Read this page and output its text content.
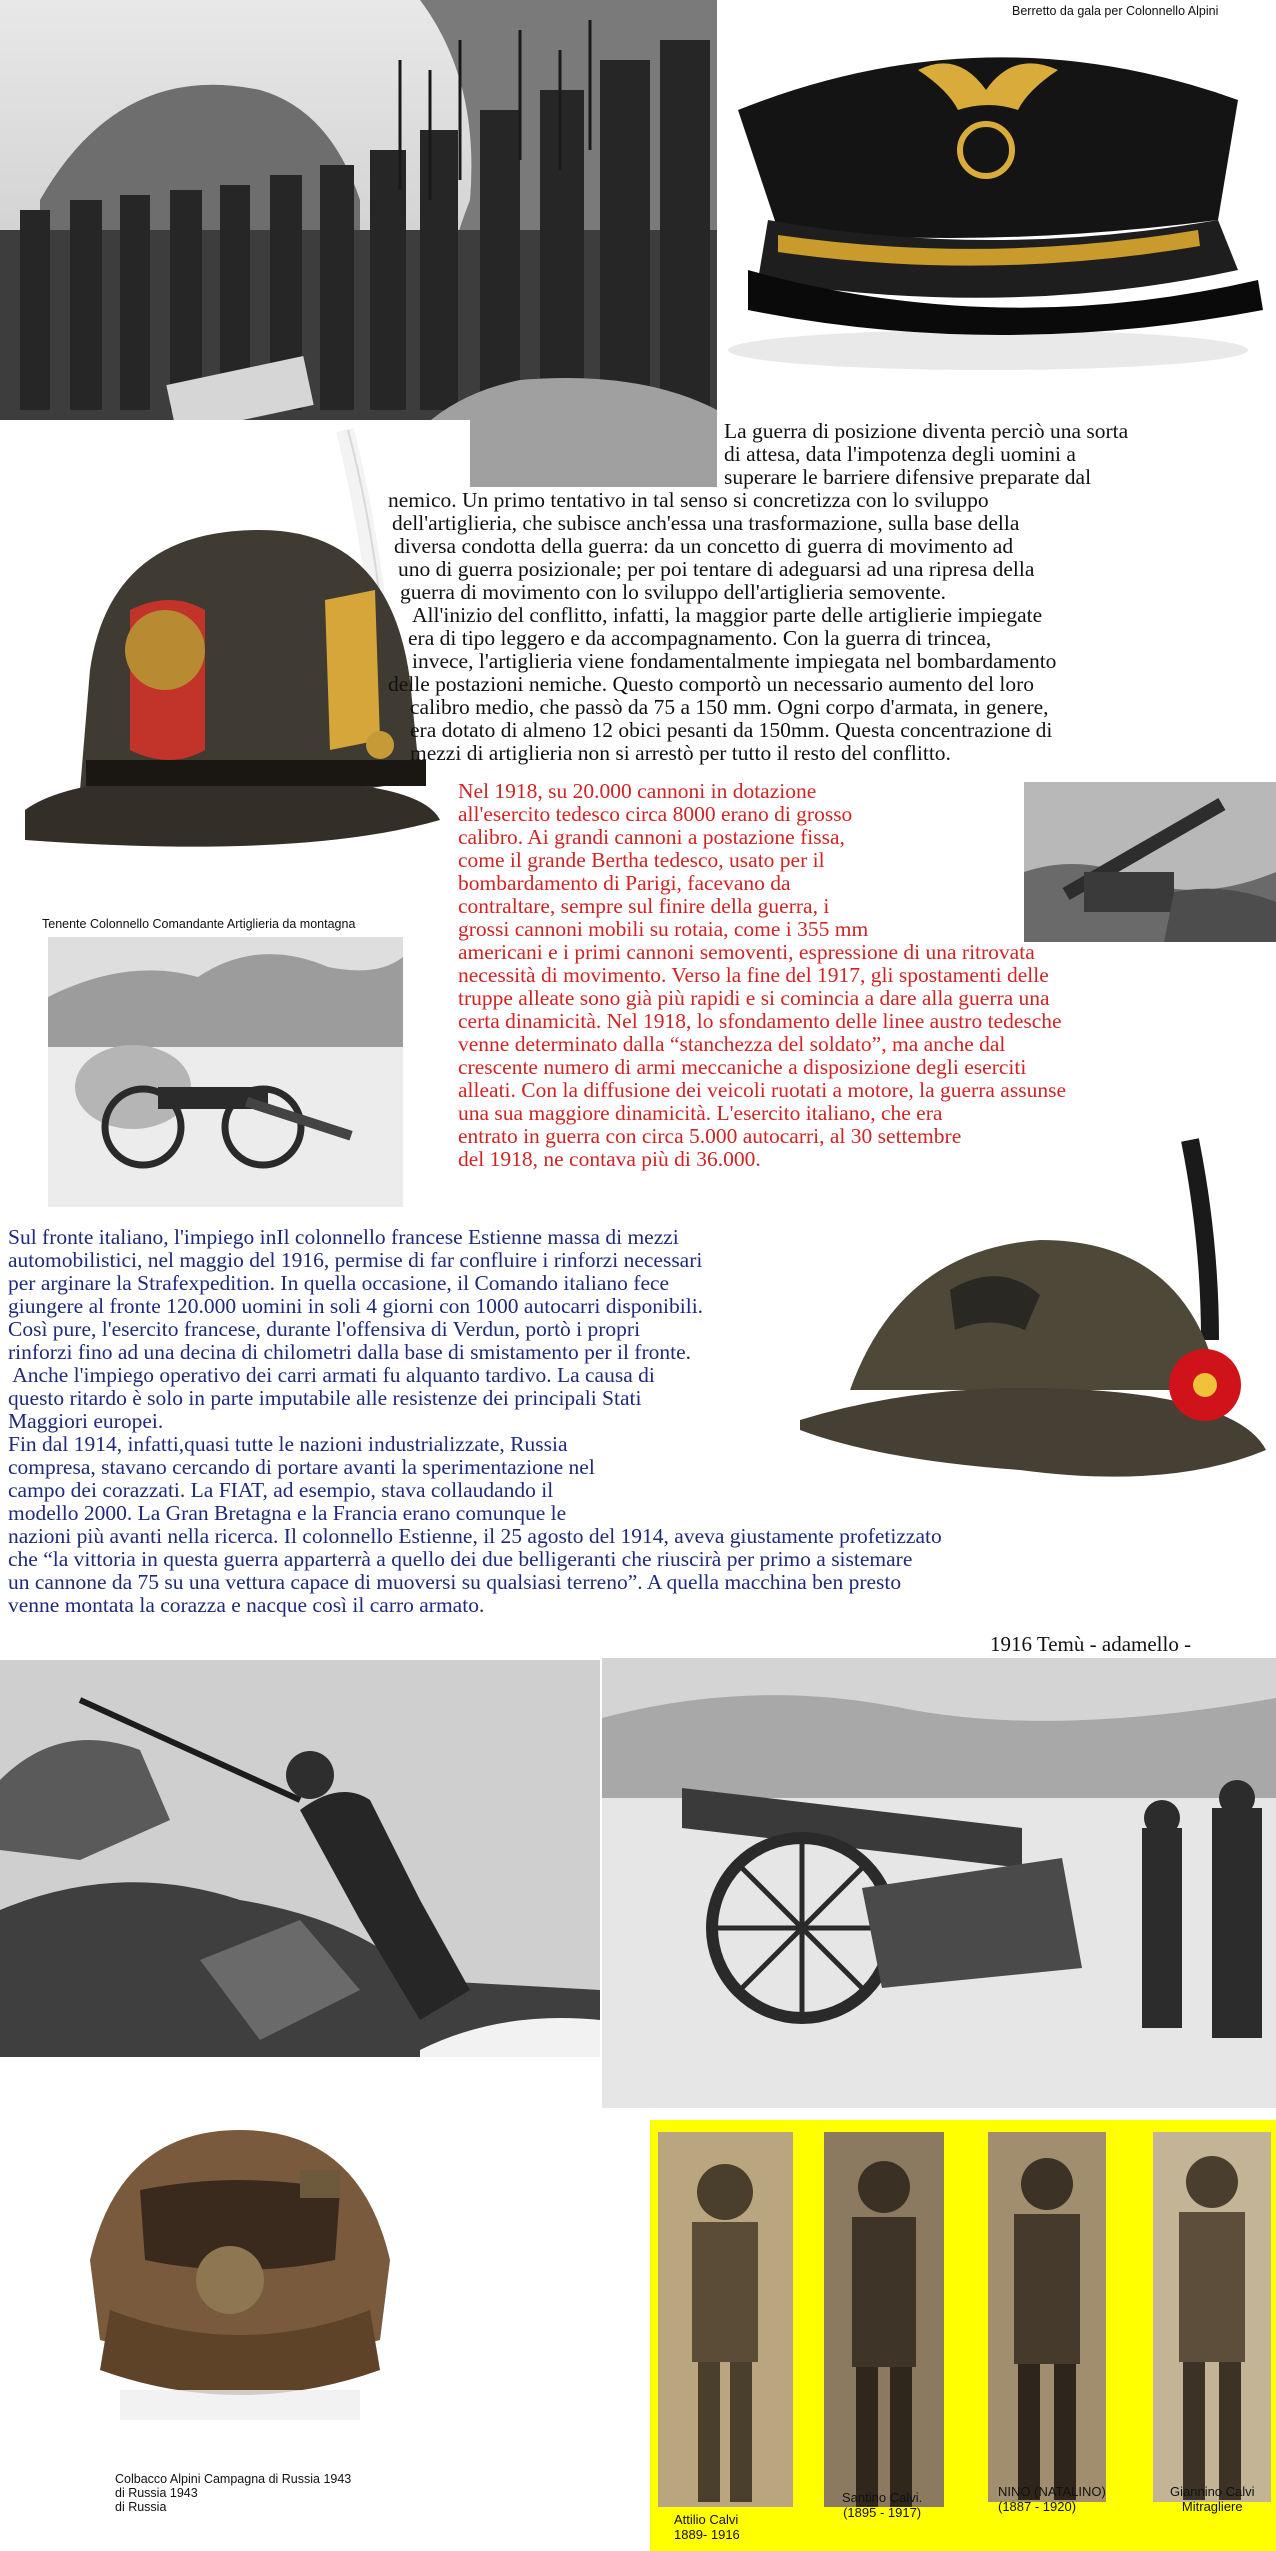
Berretto da gala per Colonnello Alpini
Tenente Colonnello Comandante Artiglieria da montagna
1916 Temù - adamello -
Colbacco Alpini Campagna di Russia 1943
di Russia 1943
di Russia
Attilio Calvi
1889- 1916
Santino Calvi.
(1895 - 1917)
NINO (NATALINO)
(1887 - 1920)
Giannino Calvi
Mitragliere
La guerra di posizione diventa perciò una sorta
di attesa, data l'impotenza degli uomini a
superare le barriere difensive preparate dal
nemico. Un primo tentativo in tal senso si concretizza con lo sviluppo
dell'artiglieria, che subisce anch'essa una trasformazione, sulla base della
diversa condotta della guerra: da un concetto di guerra di movimento ad
uno di guerra posizionale; per poi tentare di adeguarsi ad una ripresa della
guerra di movimento con lo sviluppo dell'artiglieria semovente.
All'inizio del conflitto, infatti, la maggior parte delle artiglierie impiegate
era di tipo leggero e da accompagnamento. Con la guerra di trincea,
invece, l'artiglieria viene fondamentalmente impiegata nel bombardamento
delle postazioni nemiche. Questo comportò un necessario aumento del loro
calibro medio, che passò da 75 a 150 mm. Ogni corpo d'armata, in genere,
era dotato di almeno 12 obici pesanti da 150mm. Questa concentrazione di
mezzi di artiglieria non si arrestò per tutto il resto del conflitto.
Nel 1918, su 20.000 cannoni in dotazione
all'esercito tedesco circa 8000 erano di grosso
calibro. Ai grandi cannoni a postazione fissa,
come il grande Bertha tedesco, usato per il
bombardamento di Parigi, facevano da
contraltare, sempre sul finire della guerra, i
grossi cannoni mobili su rotaia, come i 355 mm
americani e i primi cannoni semoventi, espressione di una ritrovata
necessità di movimento. Verso la fine del 1917, gli spostamenti delle
truppe alleate sono già più rapidi e si comincia a dare alla guerra una
certa dinamicità. Nel 1918, lo sfondamento delle linee austro tedesche
venne determinato dalla “stanchezza del soldato”, ma anche dal
crescente numero di armi meccaniche a disposizione degli eserciti
alleati. Con la diffusione dei veicoli ruotati a motore, la guerra assunse
una sua maggiore dinamicità. L'esercito italiano, che era
entrato in guerra con circa 5.000 autocarri, al 30 settembre
del 1918, ne contava più di 36.000.
Sul fronte italiano, l'impiego inIl colonnello francese Estienne massa di mezzi
automobilistici, nel maggio del 1916, permise di far confluire i rinforzi necessari
per arginare la Strafexpedition. In quella occasione, il Comando italiano fece
giungere al fronte 120.000 uomini in soli 4 giorni con 1000 autocarri disponibili.
Così pure, l'esercito francese, durante l'offensiva di Verdun, portò i propri
rinforzi fino ad una decina di chilometri dalla base di smistamento per il fronte.
Anche l'impiego operativo dei carri armati fu alquanto tardivo. La causa di
questo ritardo è solo in parte imputabile alle resistenze dei principali Stati
Maggiori europei.
Fin dal 1914, infatti,quasi tutte le nazioni industrializzate, Russia
compresa, stavano cercando di portare avanti la sperimentazione nel
campo dei corazzati. La FIAT, ad esempio, stava collaudando il
modello 2000. La Gran Bretagna e la Francia erano comunque le
nazioni più avanti nella ricerca. Il colonnello Estienne, il 25 agosto del 1914, aveva giustamente profetizzato
che “la vittoria in questa guerra apparterrà a quello dei due belligeranti che riuscirà per primo a sistemare
un cannone da 75 su una vettura capace di muoversi su qualsiasi terreno”. A quella macchina ben presto
venne montata la corazza e nacque così il carro armato.
